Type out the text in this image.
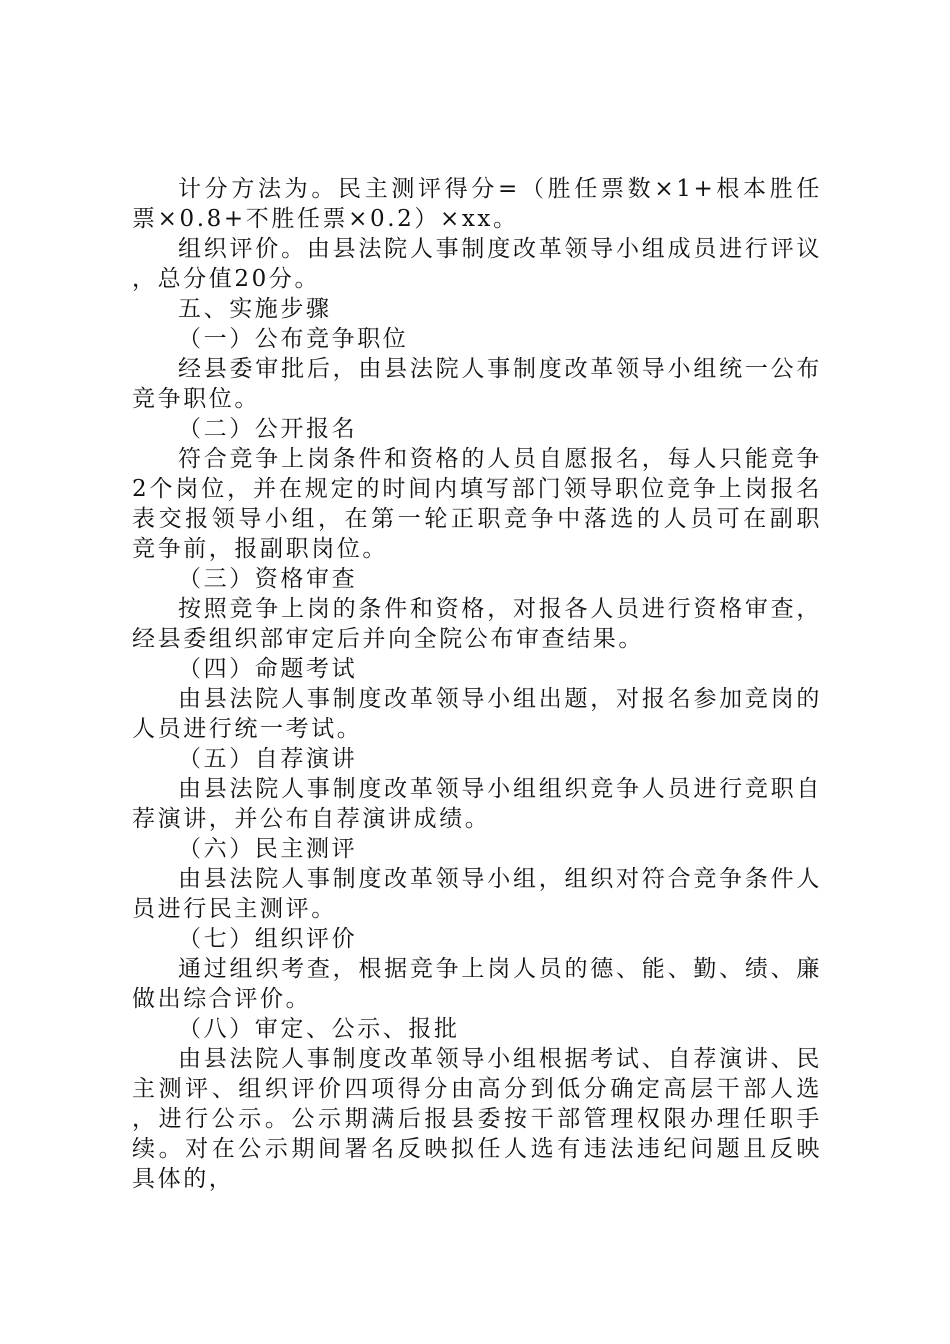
计分方法为。民主测评得分=（胜任票数×1+根本胜任票×0.8+不胜任票×0.2）×xx。

组织评价。由县法院人事制度改革领导小组成员进行评议，总分值20分。

五、实施步骤

（一）公布竞争职位

经县委审批后，由县法院人事制度改革领导小组统一公布竞争职位。

（二）公开报名

符合竞争上岗条件和资格的人员自愿报名，每人只能竞争2个岗位，并在规定的时间内填写部门领导职位竞争上岗报名表交报领导小组，在第一轮正职竞争中落选的人员可在副职竞争前，报副职岗位。

（三）资格审查

按照竞争上岗的条件和资格，对报各人员进行资格审查，经县委组织部审定后并向全院公布审查结果。

（四）命题考试

由县法院人事制度改革领导小组出题，对报名参加竞岗的人员进行统一考试。

（五）自荐演讲

由县法院人事制度改革领导小组组织竞争人员进行竞职自荐演讲，并公布自荐演讲成绩。

（六）民主测评

由县法院人事制度改革领导小组，组织对符合竞争条件人员进行民主测评。

（七）组织评价

通过组织考查，根据竞争上岗人员的德、能、勤、绩、廉做出综合评价。

（八）审定、公示、报批

由县法院人事制度改革领导小组根据考试、自荐演讲、民主测评、组织评价四项得分由高分到低分确定高层干部人选，进行公示。公示期满后报县委按干部管理权限办理任职手续。对在公示期间署名反映拟任人选有违法违纪问题且反映具体的，
